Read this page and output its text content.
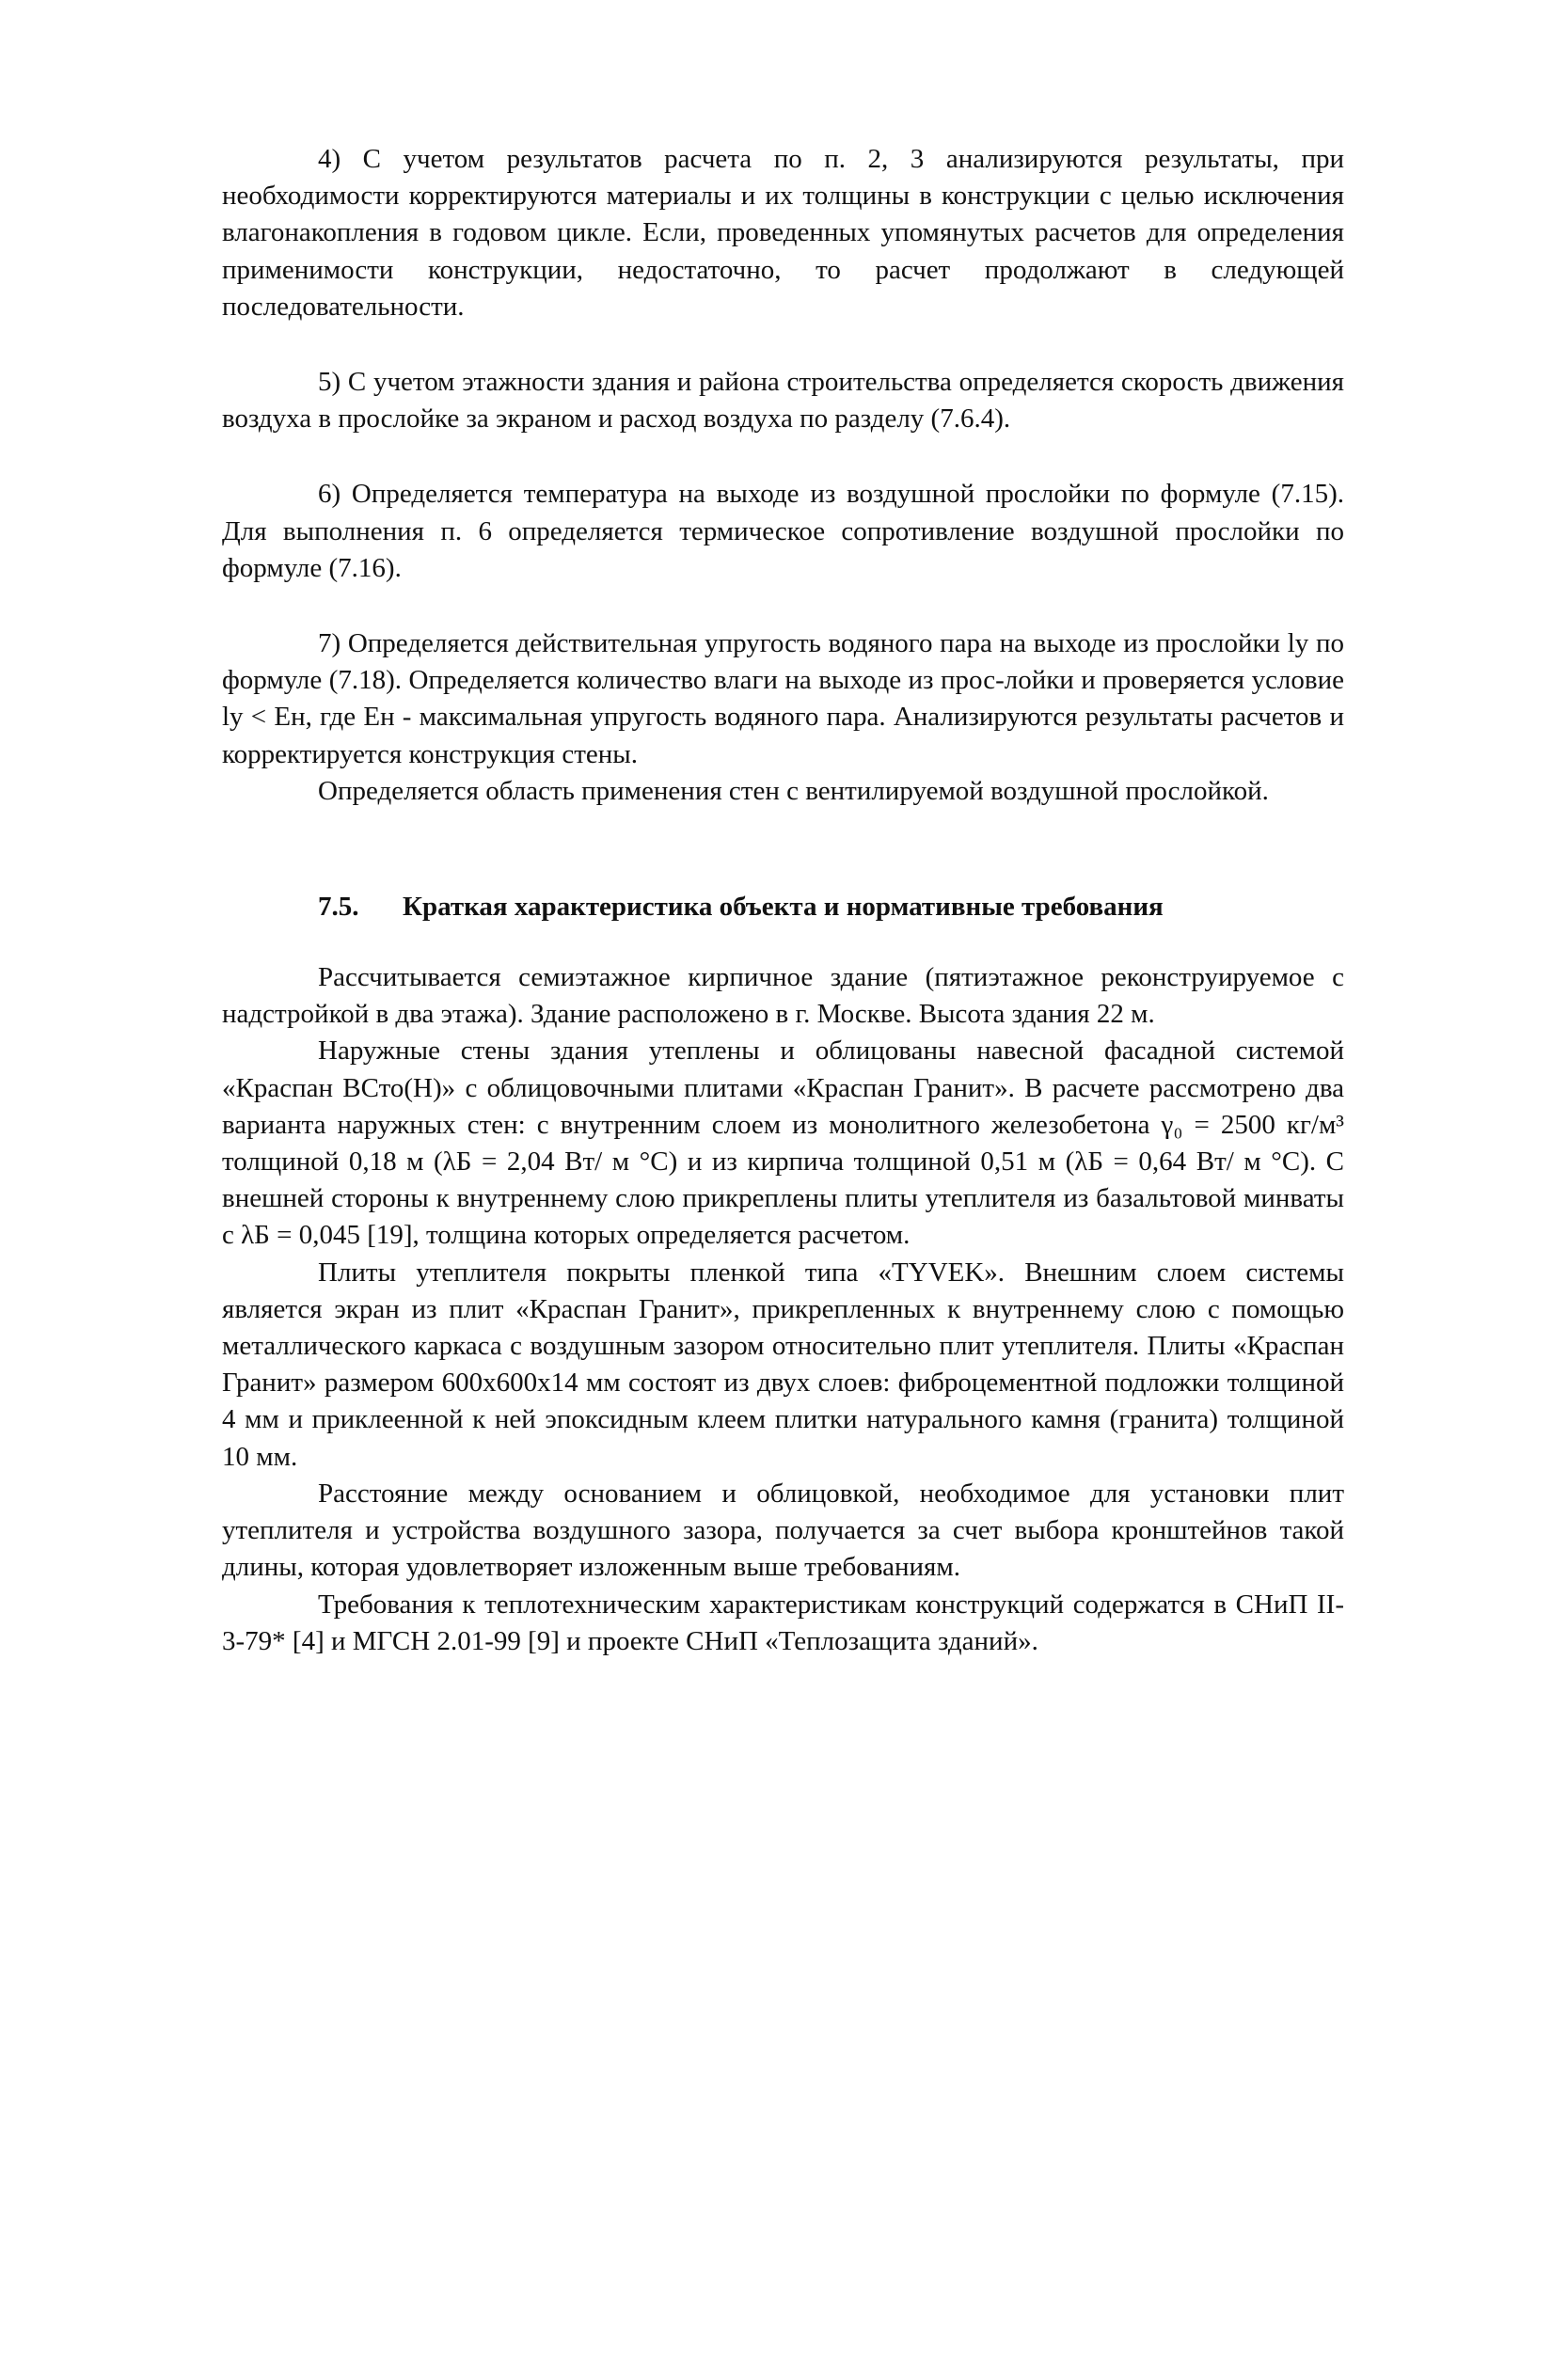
4) С учетом результатов расчета по п. 2, 3 анализируются результаты, при необходимости корректируются материалы и их толщины в конструкции с целью исключения влагонакопления в годовом цикле. Если, проведенных упомянутых расчетов для определения применимости конструкции, недостаточно, то расчет продолжают в следующей последовательности.

5) С учетом этажности здания и района строительства определяется скорость движения воздуха в прослойке за экраном и расход воздуха по разделу (7.6.4).

6) Определяется температура на выходе из воздушной прослойки по формуле (7.15). Для выполнения п. 6 определяется термическое сопротивление воздушной прослойки по формуле (7.16).

7) Определяется действительная упругость водяного пара на выходе из прослойки ly по формуле (7.18). Определяется количество влаги на выходе из прос-лойки и проверяется условие ly < Ен, где Ен - максимальная упругость водяного пара. Анализируются результаты расчетов и корректируется конструкция стены.

Определяется область применения стен с вентилируемой воздушной прослойкой.

7.5. Краткая характеристика объекта и нормативные требования

Рассчитывается семиэтажное кирпичное здание (пятиэтажное реконструируемое с надстройкой в два этажа). Здание расположено в г. Москве. Высота здания 22 м.

Наружные стены здания утеплены и облицованы навесной фасадной системой «Краспан ВСто(Н)» с облицовочными плитами «Краспан Гранит». В расчете рассмотрено два варианта наружных стен: с внутренним слоем из монолитного железобетона γ₀ = 2500 кг/м³ толщиной 0,18 м (λБ = 2,04 Вт/ м °С) и из кирпича толщиной 0,51 м (λБ = 0,64 Вт/ м °С). С внешней стороны к внутреннему слою прикреплены плиты утеплителя из базальтовой минваты с λБ = 0,045 [19], толщина которых определяется расчетом.

Плиты утеплителя покрыты пленкой типа «TYVEK». Внешним слоем системы является экран из плит «Краспан Гранит», прикрепленных к внутреннему слою с помощью металлического каркаса с воздушным зазором относительно плит утеплителя. Плиты «Краспан Гранит» размером 600х600х14 мм состоят из двух слоев: фиброцементной подложки толщиной 4 мм и приклеенной к ней эпоксидным клеем плитки натурального камня (гранита) толщиной 10 мм.

Расстояние между основанием и облицовкой, необходимое для установки плит утеплителя и устройства воздушного зазора, получается за счет выбора кронштейнов такой длины, которая удовлетворяет изложенным выше требованиям.

Требования к теплотехническим характеристикам конструкций содержатся в СНиП II-3-79* [4] и МГСН 2.01-99 [9] и проекте СНиП «Теплозащита зданий».
